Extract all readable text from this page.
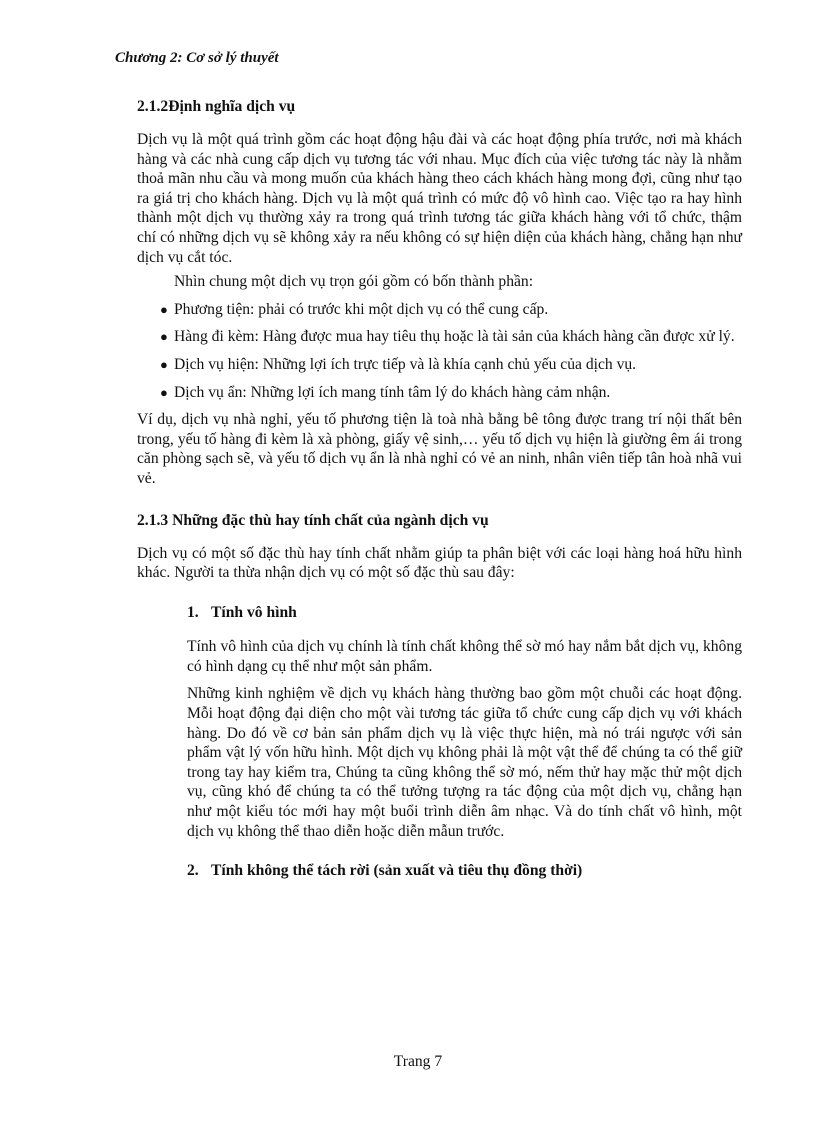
Chương 2: Cơ sở lý thuyết
2.1.2Định nghĩa dịch vụ

Dịch vụ là một quá trình gồm các hoạt động hậu đài và các hoạt động phía trước, nơi mà khách hàng và các nhà cung cấp dịch vụ tương tác với nhau. Mục đích của việc tương tác này là nhằm thoả mãn nhu cầu và mong muốn của khách hàng theo cách khách hàng mong đợi, cũng như tạo ra giá trị cho khách hàng. Dịch vụ là một quá trình có mức độ vô hình cao. Việc tạo ra hay hình thành một dịch vụ thường xảy ra trong quá trình tương tác giữa khách hàng với tổ chức, thậm chí có những dịch vụ sẽ không xảy ra nếu không có sự hiện diện của khách hàng, chẳng hạn như dịch vụ cắt tóc.

Nhìn chung một dịch vụ trọn gói gồm có bốn thành phần:

● Phương tiện: phải có trước khi một dịch vụ có thể cung cấp.
● Hàng đi kèm: Hàng được mua hay tiêu thụ hoặc là tài sản của khách hàng cần được xử lý.
● Dịch vụ hiện: Những lợi ích trực tiếp và là khía cạnh chủ yếu của dịch vụ.
● Dịch vụ ẩn: Những lợi ích mang tính tâm lý do khách hàng cảm nhận.

Ví dụ, dịch vụ nhà nghỉ, yếu tố phương tiện là toà nhà bằng bê tông được trang trí nội thất bên trong, yếu tố hàng đi kèm là xà phòng, giấy vệ sinh,… yếu tố dịch vụ hiện là giường êm ái trong căn phòng sạch sẽ, và yếu tố dịch vụ ẩn là nhà nghỉ có vẻ an ninh, nhân viên tiếp tân hoà nhã vui vẻ.

2.1.3 Những đặc thù hay tính chất của ngành dịch vụ

Dịch vụ có một số đặc thù hay tính chất nhằm giúp ta phân biệt với các loại hàng hoá hữu hình khác. Người ta thừa nhận dịch vụ có một số đặc thù sau đây:

1. Tính vô hình

Tính vô hình của dịch vụ chính là tính chất không thể sờ mó hay nắm bắt dịch vụ, không có hình dạng cụ thể như một sản phẩm.

Những kinh nghiệm về dịch vụ khách hàng thường bao gồm một chuỗi các hoạt động. Mỗi hoạt động đại diện cho một vài tương tác giữa tổ chức cung cấp dịch vụ với khách hàng. Do đó về cơ bản sản phẩm dịch vụ là việc thực hiện, mà nó trái ngược với sản phẩm vật lý vốn hữu hình. Một dịch vụ không phải là một vật thể để chúng ta có thể giữ trong tay hay kiểm tra, Chúng ta cũng không thể sờ mó, nếm thử hay mặc thử một dịch vụ, cũng khó để chúng ta có thể tưởng tượng ra tác động của một dịch vụ, chẳng hạn như một kiểu tóc mới hay một buổi trình diễn âm nhạc. Và do tính chất vô hình, một dịch vụ không thể thao diễn hoặc diễn mẫun trước.

2. Tính không thể tách rời (sản xuất và tiêu thụ đồng thời)
Trang 7
